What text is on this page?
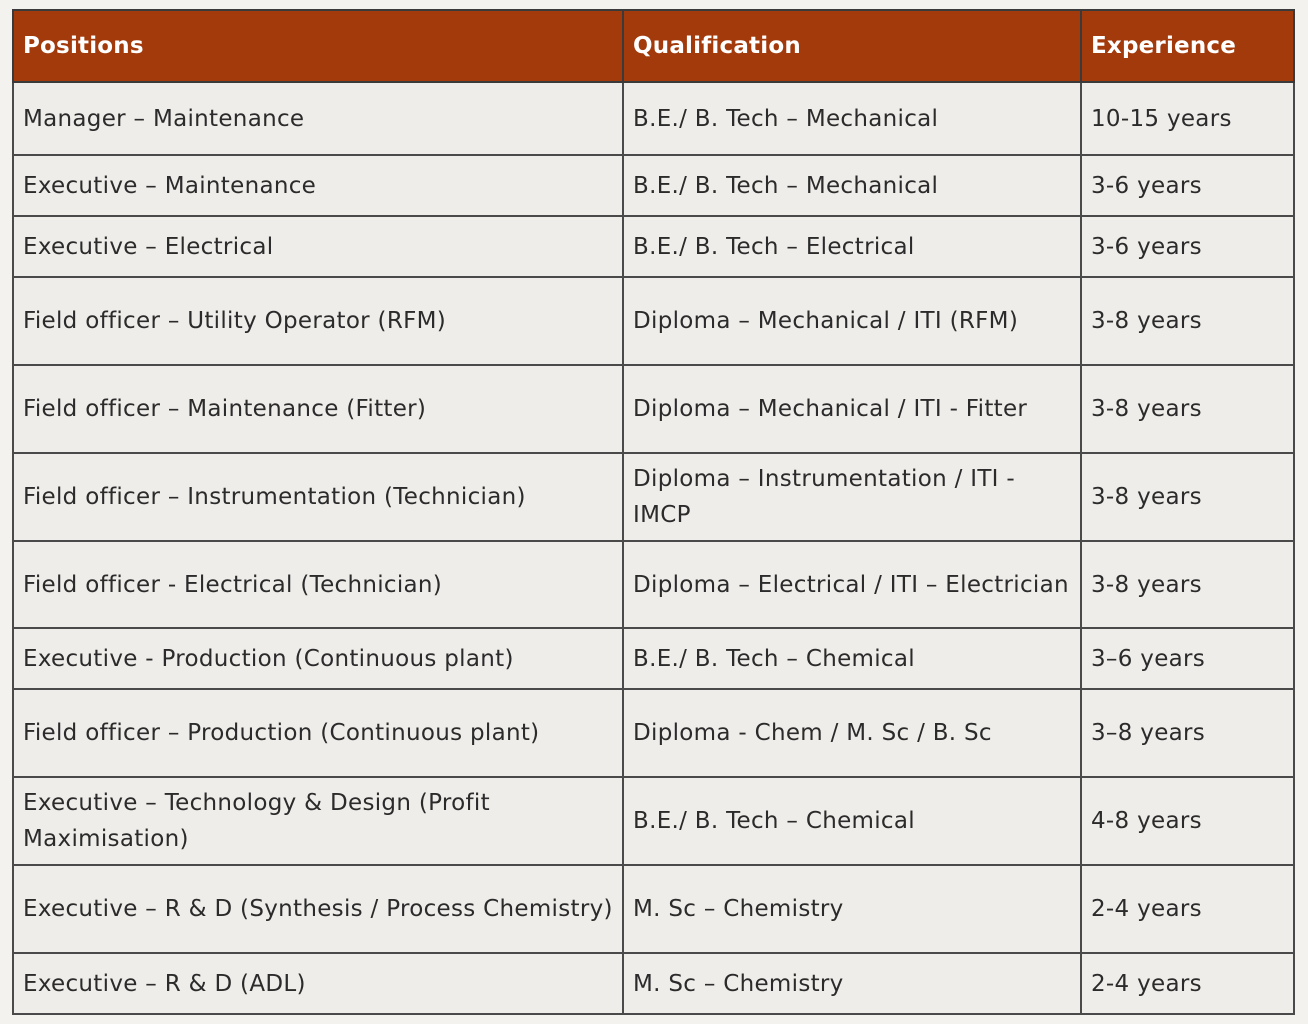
Positions	Qualification	Experience
Manager – Maintenance	B.E./ B. Tech – Mechanical	10-15 years
Executive – Maintenance	B.E./ B. Tech – Mechanical	3-6 years
Executive – Electrical	B.E./ B. Tech – Electrical	3-6 years
Field officer – Utility Operator (RFM)	Diploma – Mechanical / ITI (RFM)	3-8 years
Field officer – Maintenance (Fitter)	Diploma – Mechanical / ITI - Fitter	3-8 years
Field officer – Instrumentation (Technician)	Diploma – Instrumentation / ITI - IMCP	3-8 years
Field officer - Electrical (Technician)	Diploma – Electrical / ITI – Electrician	3-8 years
Executive - Production (Continuous plant)	B.E./ B. Tech – Chemical	3–6 years
Field officer – Production (Continuous plant)	Diploma - Chem / M. Sc / B. Sc	3–8 years
Executive – Technology & Design (Profit Maximisation)	B.E./ B. Tech – Chemical	4-8 years
Executive – R & D (Synthesis / Process Chemistry)	M. Sc – Chemistry	2-4 years
Executive – R & D (ADL)	M. Sc – Chemistry	2-4 years
